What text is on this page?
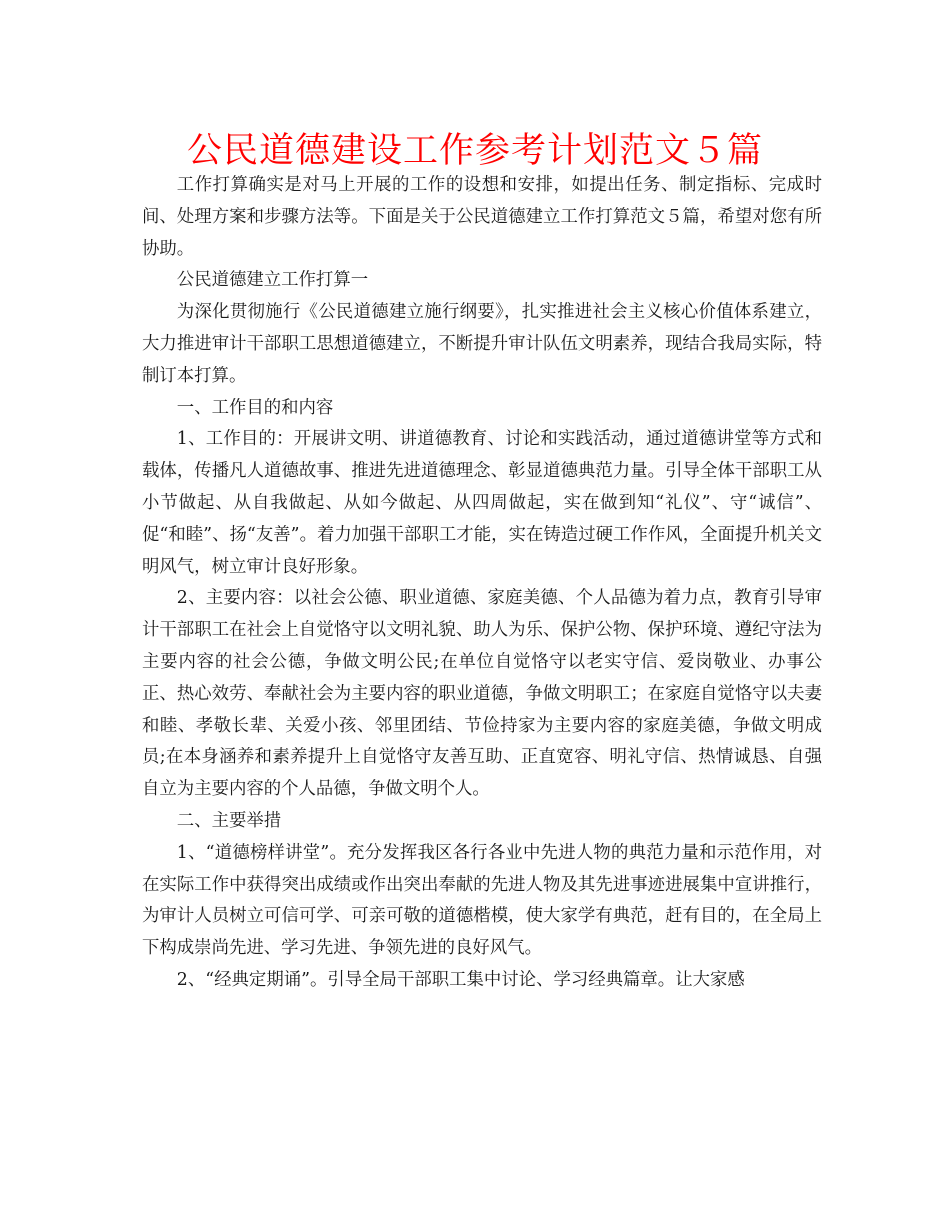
公民道德建设工作参考计划范文５篇

工作打算确实是对马上开展的工作的设想和安排，如提出任务、制定指标、完成时间、处理方案和步骤方法等。下面是关于公民道德建立工作打算范文５篇，希望对您有所协助。

公民道德建立工作打算一

为深化贯彻施行《公民道德建立施行纲要》，扎实推进社会主义核心价值体系建立，大力推进审计干部职工思想道德建立，不断提升审计队伍文明素养，现结合我局实际，特制订本打算。

一、工作目的和内容

1、工作目的：开展讲文明、讲道德教育、讨论和实践活动，通过道德讲堂等方式和载体，传播凡人道德故事、推进先进道德理念、彰显道德典范力量。引导全体干部职工从小节做起、从自我做起、从如今做起、从四周做起，实在做到知“礼仪”、守“诚信”、促“和睦”、扬“友善”。着力加强干部职工才能，实在铸造过硬工作作风，全面提升机关文明风气，树立审计良好形象。

2、主要内容：以社会公德、职业道德、家庭美德、个人品德为着力点，教育引导审计干部职工在社会上自觉恪守以文明礼貌、助人为乐、保护公物、保护环境、遵纪守法为主要内容的社会公德，争做文明公民;在单位自觉恪守以老实守信、爱岗敬业、办事公正、热心效劳、奉献社会为主要内容的职业道德，争做文明职工；在家庭自觉恪守以夫妻和睦、孝敬长辈、关爱小孩、邻里团结、节俭持家为主要内容的家庭美德，争做文明成员;在本身涵养和素养提升上自觉恪守友善互助、正直宽容、明礼守信、热情诚恳、自强自立为主要内容的个人品德，争做文明个人。

二、主要举措

1、“道德榜样讲堂”。充分发挥我区各行各业中先进人物的典范力量和示范作用，对在实际工作中获得突出成绩或作出突出奉献的先进人物及其先进事迹进展集中宣讲推行，为审计人员树立可信可学、可亲可敬的道德楷模，使大家学有典范，赶有目的，在全局上下构成崇尚先进、学习先进、争领先进的良好风气。

2、“经典定期诵”。引导全局干部职工集中讨论、学习经典篇章。让大家感
